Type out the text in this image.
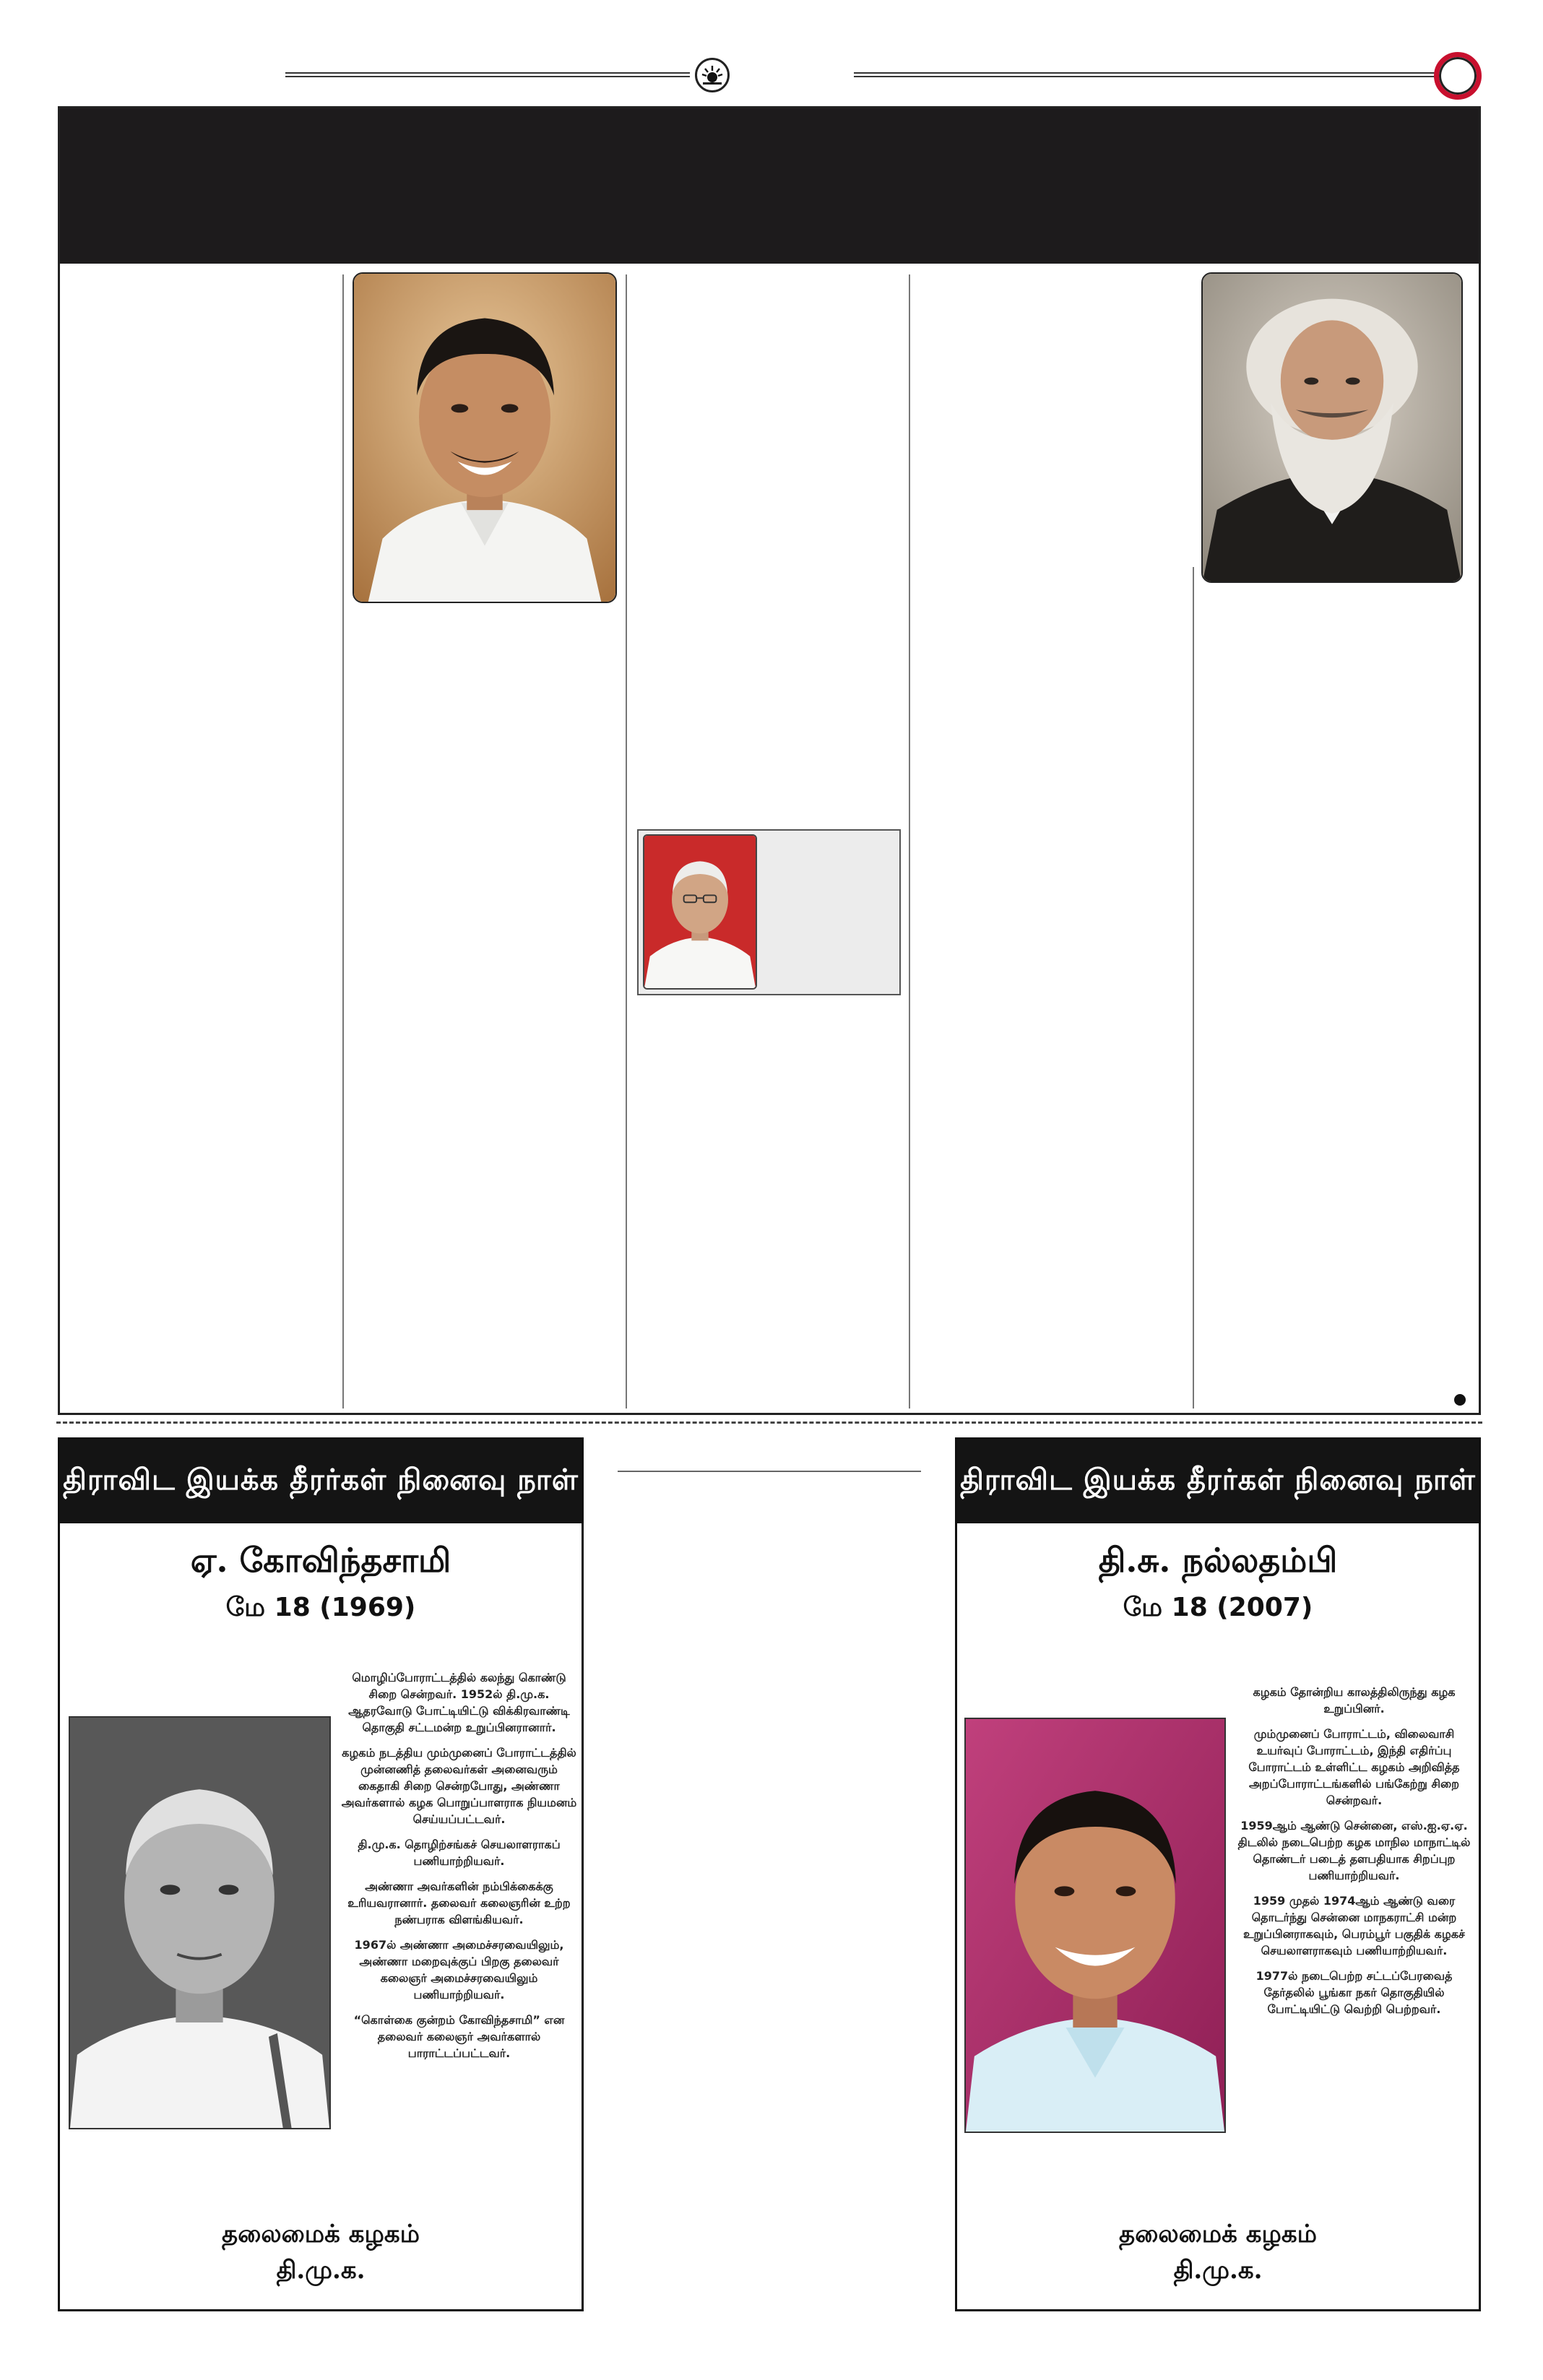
திராவிட இயக்க தீரர்கள் நினைவு நாள்
ஏ. கோவிந்தசாமி
மே 18 (1969)

மொழிப்போராட்டத்தில் கலந்து கொண்டு சிறை சென்றவர். 1952ல் தி.மு.க. ஆதரவோடு போட்டியிட்டு விக்கிரவாண்டி தொகுதி சட்டமன்ற உறுப்பினரானார்.

கழகம் நடத்திய மும்முனைப் போராட்டத்தில் முன்னணித் தலைவர்கள் அனைவரும் கைதாகி சிறை சென்றபோது, அண்ணா அவர்களால் கழக பொறுப்பாளராக நியமனம் செய்யப்பட்டவர்.

தி.மு.க. தொழிற்சங்கச் செயலாளராகப் பணியாற்றியவர்.

அண்ணா அவர்களின் நம்பிக்கைக்கு உரியவரானார். தலைவர் கலைஞரின் உற்ற நண்பராக விளங்கியவர்.

1967ல் அண்ணா அமைச்சரவையிலும், அண்ணா மறைவுக்குப் பிறகு தலைவர் கலைஞர் அமைச்சரவையிலும் பணியாற்றியவர்.

“கொள்கை குன்றம் கோவிந்தசாமி” என தலைவர் கலைஞர் அவர்களால் பாராட்டப்பட்டவர்.

தலைமைக் கழகம்
தி.மு.க.
திராவிட இயக்க தீரர்கள் நினைவு நாள்
தி.சு. நல்லதம்பி
மே 18 (2007)

கழகம் தோன்றிய காலத்திலிருந்து கழக உறுப்பினர்.

மும்முனைப் போராட்டம், விலைவாசி உயர்வுப் போராட்டம், இந்தி எதிர்ப்பு போராட்டம் உள்ளிட்ட கழகம் அறிவித்த அறப்போராட்டங்களில் பங்கேற்று சிறை சென்றவர்.

1959ஆம் ஆண்டு சென்னை, எஸ்.ஐ.ஏ.ஏ. திடலில் நடைபெற்ற கழக மாநில மாநாட்டில் தொண்டர் படைத் தளபதியாக சிறப்புற பணியாற்றியவர்.

1959 முதல் 1974ஆம் ஆண்டு வரை தொடர்ந்து சென்னை மாநகராட்சி மன்ற உறுப்பினராகவும், பெரம்பூர் பகுதிக் கழகச் செயலாளராகவும் பணியாற்றியவர்.

1977ல் நடைபெற்ற சட்டப்பேரவைத் தேர்தலில் பூங்கா நகர் தொகுதியில் போட்டியிட்டு வெற்றி பெற்றவர்.

தலைமைக் கழகம்
தி.மு.க.
